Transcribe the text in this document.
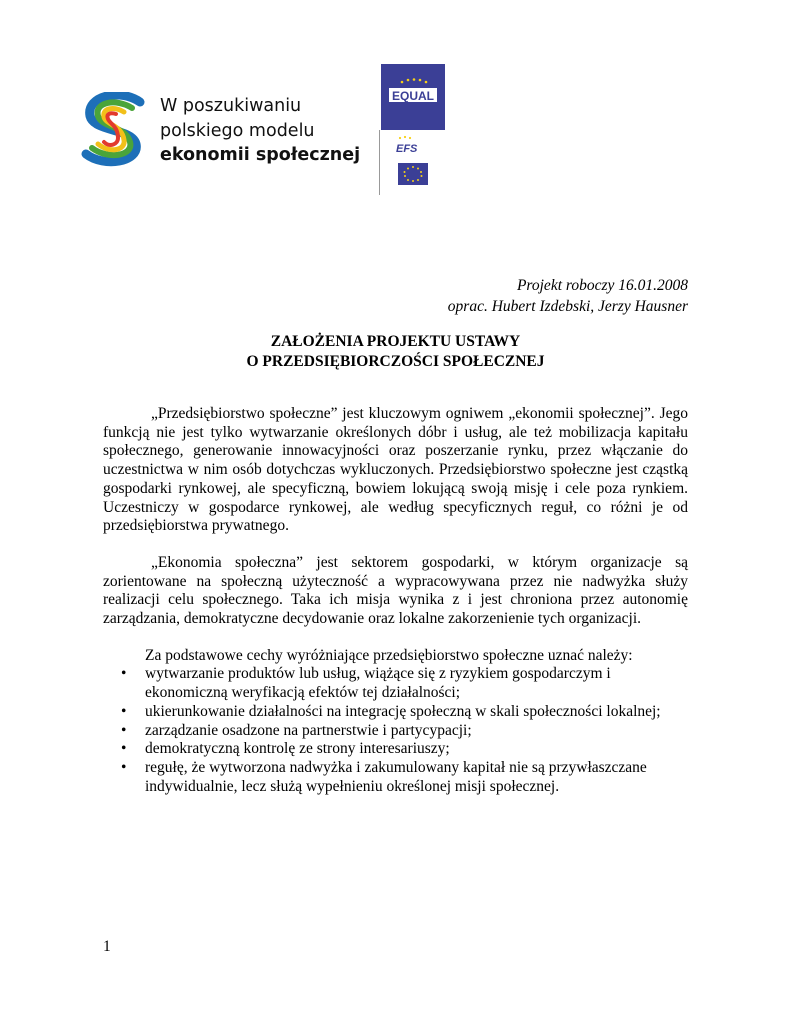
W poszukiwaniu
polskiego modelu
ekonomii społecznej
EQUAL
EFS
Projekt roboczy 16.01.2008
oprac. Hubert Izdebski, Jerzy Hausner
ZAŁOŻENIA PROJEKTU USTAWY
O PRZEDSIĘBIORCZOŚCI SPOŁECZNEJ

„Przedsiębiorstwo społeczne” jest kluczowym ogniwem „ekonomii społecznej”. Jego funkcją nie jest tylko wytwarzanie określonych dóbr i usług, ale też mobilizacja kapitału społecznego, generowanie innowacyjności oraz poszerzanie rynku, przez włączanie do uczestnictwa w nim osób dotychczas wykluczonych. Przedsiębiorstwo społeczne jest cząstką gospodarki rynkowej, ale specyficzną, bowiem lokującą swoją misję i cele poza rynkiem. Uczestniczy w gospodarce rynkowej, ale według specyficznych reguł, co różni je od przedsiębiorstwa prywatnego.

„Ekonomia społeczna” jest sektorem gospodarki, w którym organizacje są zorientowane na społeczną użyteczność a wypracowywana przez nie nadwyżka służy realizacji celu społecznego. Taka ich misja wynika z i jest chroniona przez autonomię zarządzania, demokratyczne decydowanie oraz lokalne zakorzenienie tych organizacji.

Za podstawowe cechy wyróżniające przedsiębiorstwo społeczne uznać należy:

• wytwarzanie produktów lub usług, wiążące się z ryzykiem gospodarczym i ekonomiczną weryfikacją efektów tej działalności;
• ukierunkowanie działalności na integrację społeczną w skali społeczności lokalnej;
• zarządzanie osadzone na partnerstwie i partycypacji;
• demokratyczną kontrolę ze strony interesariuszy;
• regułę, że wytworzona nadwyżka i zakumulowany kapitał nie są przywłaszczane indywidualnie, lecz służą wypełnieniu określonej misji społecznej.
1
